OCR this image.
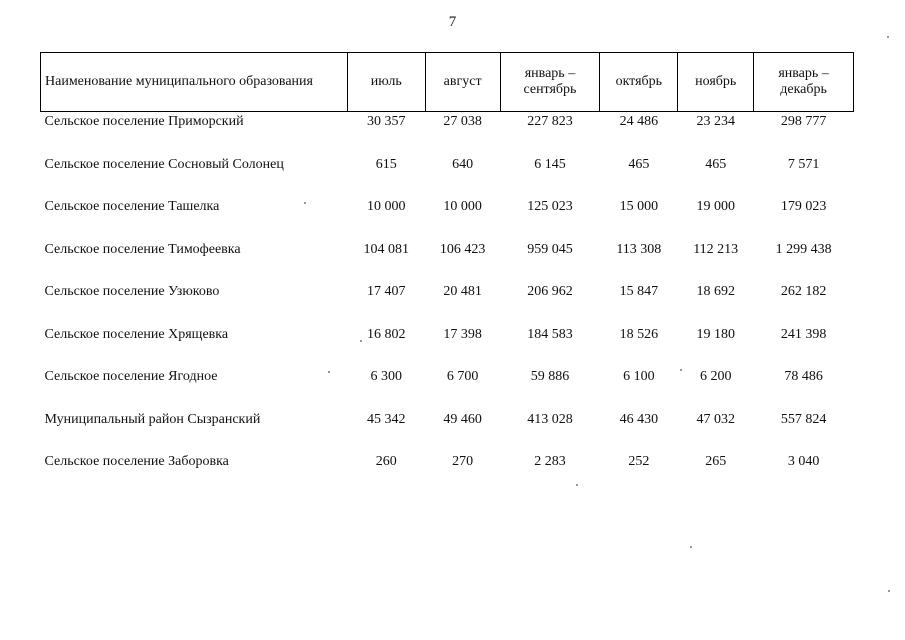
7
Наименование муниципального образования	июль	август	январь – сентябрь	октябрь	ноябрь	январь – декабрь
Сельское поселение Приморский	30 357	27 038	227 823	24 486	23 234	298 777
Сельское поселение Сосновый Солонец	615	640	6 145	465	465	7 571
Сельское поселение Ташелка	10 000	10 000	125 023	15 000	19 000	179 023
Сельское поселение Тимофеевка	104 081	106 423	959 045	113 308	112 213	1 299 438
Сельское поселение Узюково	17 407	20 481	206 962	15 847	18 692	262 182
Сельское поселение Хрящевка	16 802	17 398	184 583	18 526	19 180	241 398
Сельское поселение Ягодное	6 300	6 700	59 886	6 100	6 200	78 486
Муниципальный район Сызранский	45 342	49 460	413 028	46 430	47 032	557 824
Сельское поселение Заборовка	260	270	2 283	252	265	3 040
